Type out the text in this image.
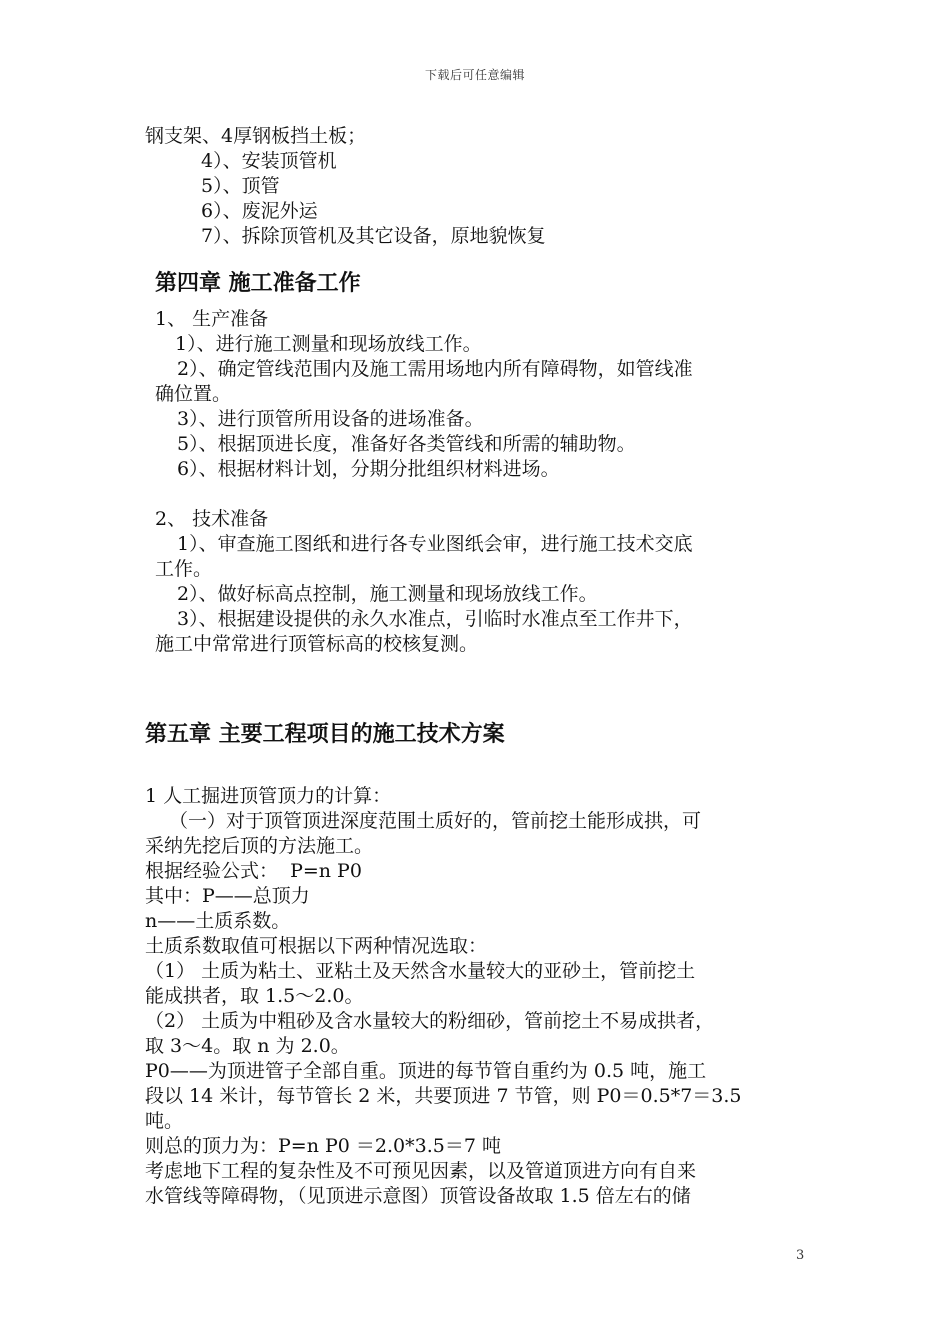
下载后可任意编辑

钢支架、4厚钢板挡土板；

4）、安装顶管机

5）、顶管

6）、废泥外运

7）、拆除顶管机及其它设备，原地貌恢复

第四章 施工准备工作

1、 生产准备

1）、进行施工测量和现场放线工作。

2）、确定管线范围内及施工需用场地内所有障碍物，如管线准

确位置。

3）、进行顶管所用设备的进场准备。

5）、根据顶进长度，准备好各类管线和所需的辅助物。

6）、根据材料计划，分期分批组织材料进场。

2、 技术准备

1）、审查施工图纸和进行各专业图纸会审，进行施工技术交底

工作。

2）、做好标高点控制，施工测量和现场放线工作。

3）、根据建设提供的永久水准点，引临时水准点至工作井下，

施工中常常进行顶管标高的校核复测。

第五章 主要工程项目的施工技术方案

1 人工掘进顶管顶力的计算：

（一）对于顶管顶进深度范围土质好的，管前挖土能形成拱，可

采纳先挖后顶的方法施工。

根据经验公式：  P=n P0

其中：P——总顶力

n——土质系数。

土质系数取值可根据以下两种情况选取：

（1） 土质为粘土、亚粘土及天然含水量较大的亚砂土，管前挖土

能成拱者，取 1.5～2.0。

（2） 土质为中粗砂及含水量较大的粉细砂，管前挖土不易成拱者，

取 3～4。取 n 为 2.0。

P0——为顶进管子全部自重。顶进的每节管自重约为 0.5 吨，施工

段以 14 米计，每节管长 2 米，共要顶进 7 节管，则 P0＝0.5*7＝3.5

吨。

则总的顶力为：P=n P0 ＝2.0*3.5＝7 吨

考虑地下工程的复杂性及不可预见因素，以及管道顶进方向有自来

水管线等障碍物，（见顶进示意图）顶管设备故取 1.5 倍左右的储

3
